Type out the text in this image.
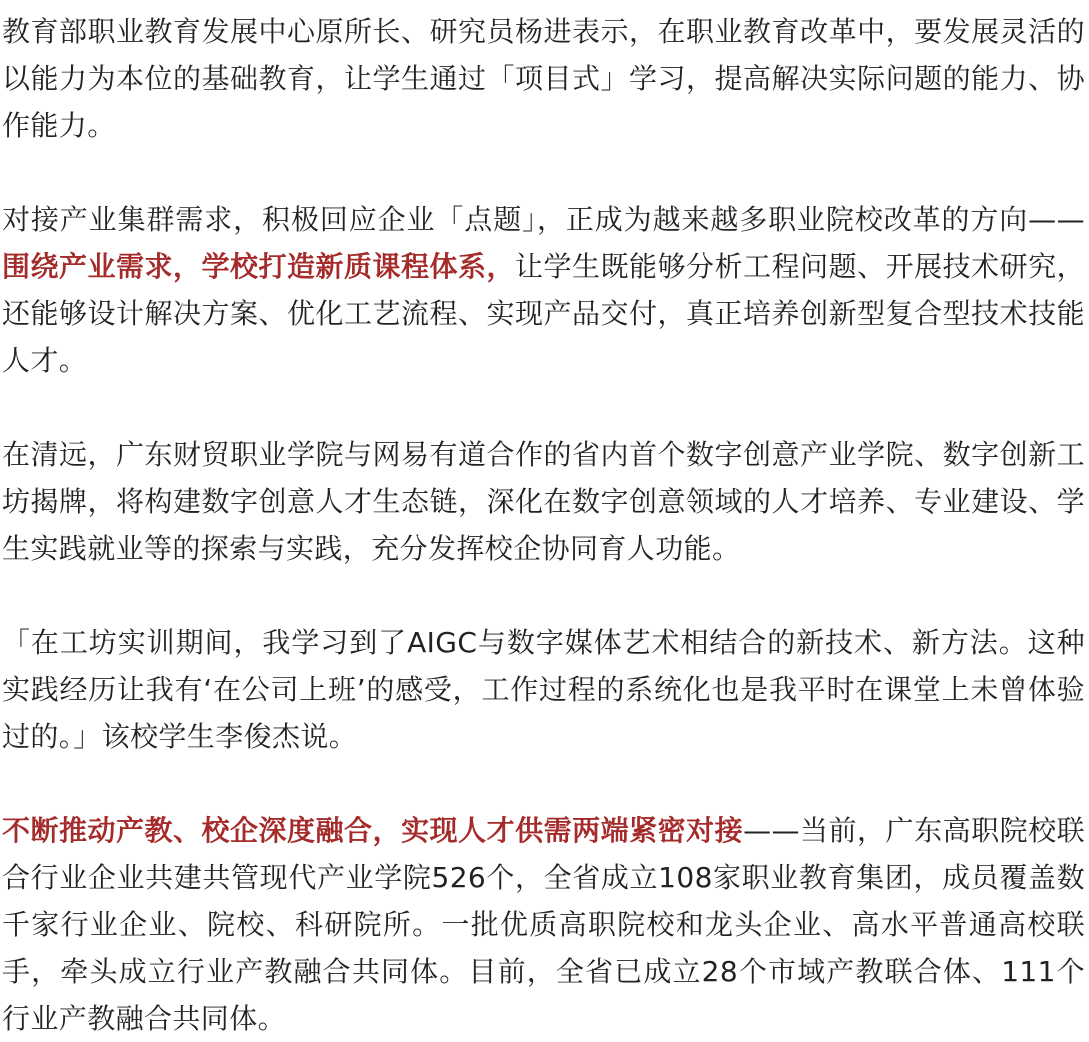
教育部职业教育发展中心原所长、研究员杨进表示，在职业教育改革中，要发展灵活的以能力为本位的基础教育，让学生通过「项目式」学习，提高解决实际问题的能力、协作能力。

对接产业集群需求，积极回应企业「点题」，正成为越来越多职业院校改革的方向——围绕产业需求，学校打造新质课程体系，让学生既能够分析工程问题、开展技术研究，还能够设计解决方案、优化工艺流程、实现产品交付，真正培养创新型复合型技术技能人才。

在清远，广东财贸职业学院与网易有道合作的省内首个数字创意产业学院、数字创新工坊揭牌，将构建数字创意人才生态链，深化在数字创意领域的人才培养、专业建设、学生实践就业等的探索与实践，充分发挥校企协同育人功能。

「在工坊实训期间，我学习到了AIGC与数字媒体艺术相结合的新技术、新方法。这种实践经历让我有‘在公司上班’的感受，工作过程的系统化也是我平时在课堂上未曾体验过的。」该校学生李俊杰说。

不断推动产教、校企深度融合，实现人才供需两端紧密对接——当前，广东高职院校联合行业企业共建共管现代产业学院526个，全省成立108家职业教育集团，成员覆盖数千家行业企业、院校、科研院所。一批优质高职院校和龙头企业、高水平普通高校联手，牵头成立行业产教融合共同体。目前，全省已成立28个市域产教联合体、111个行业产教融合共同体。
